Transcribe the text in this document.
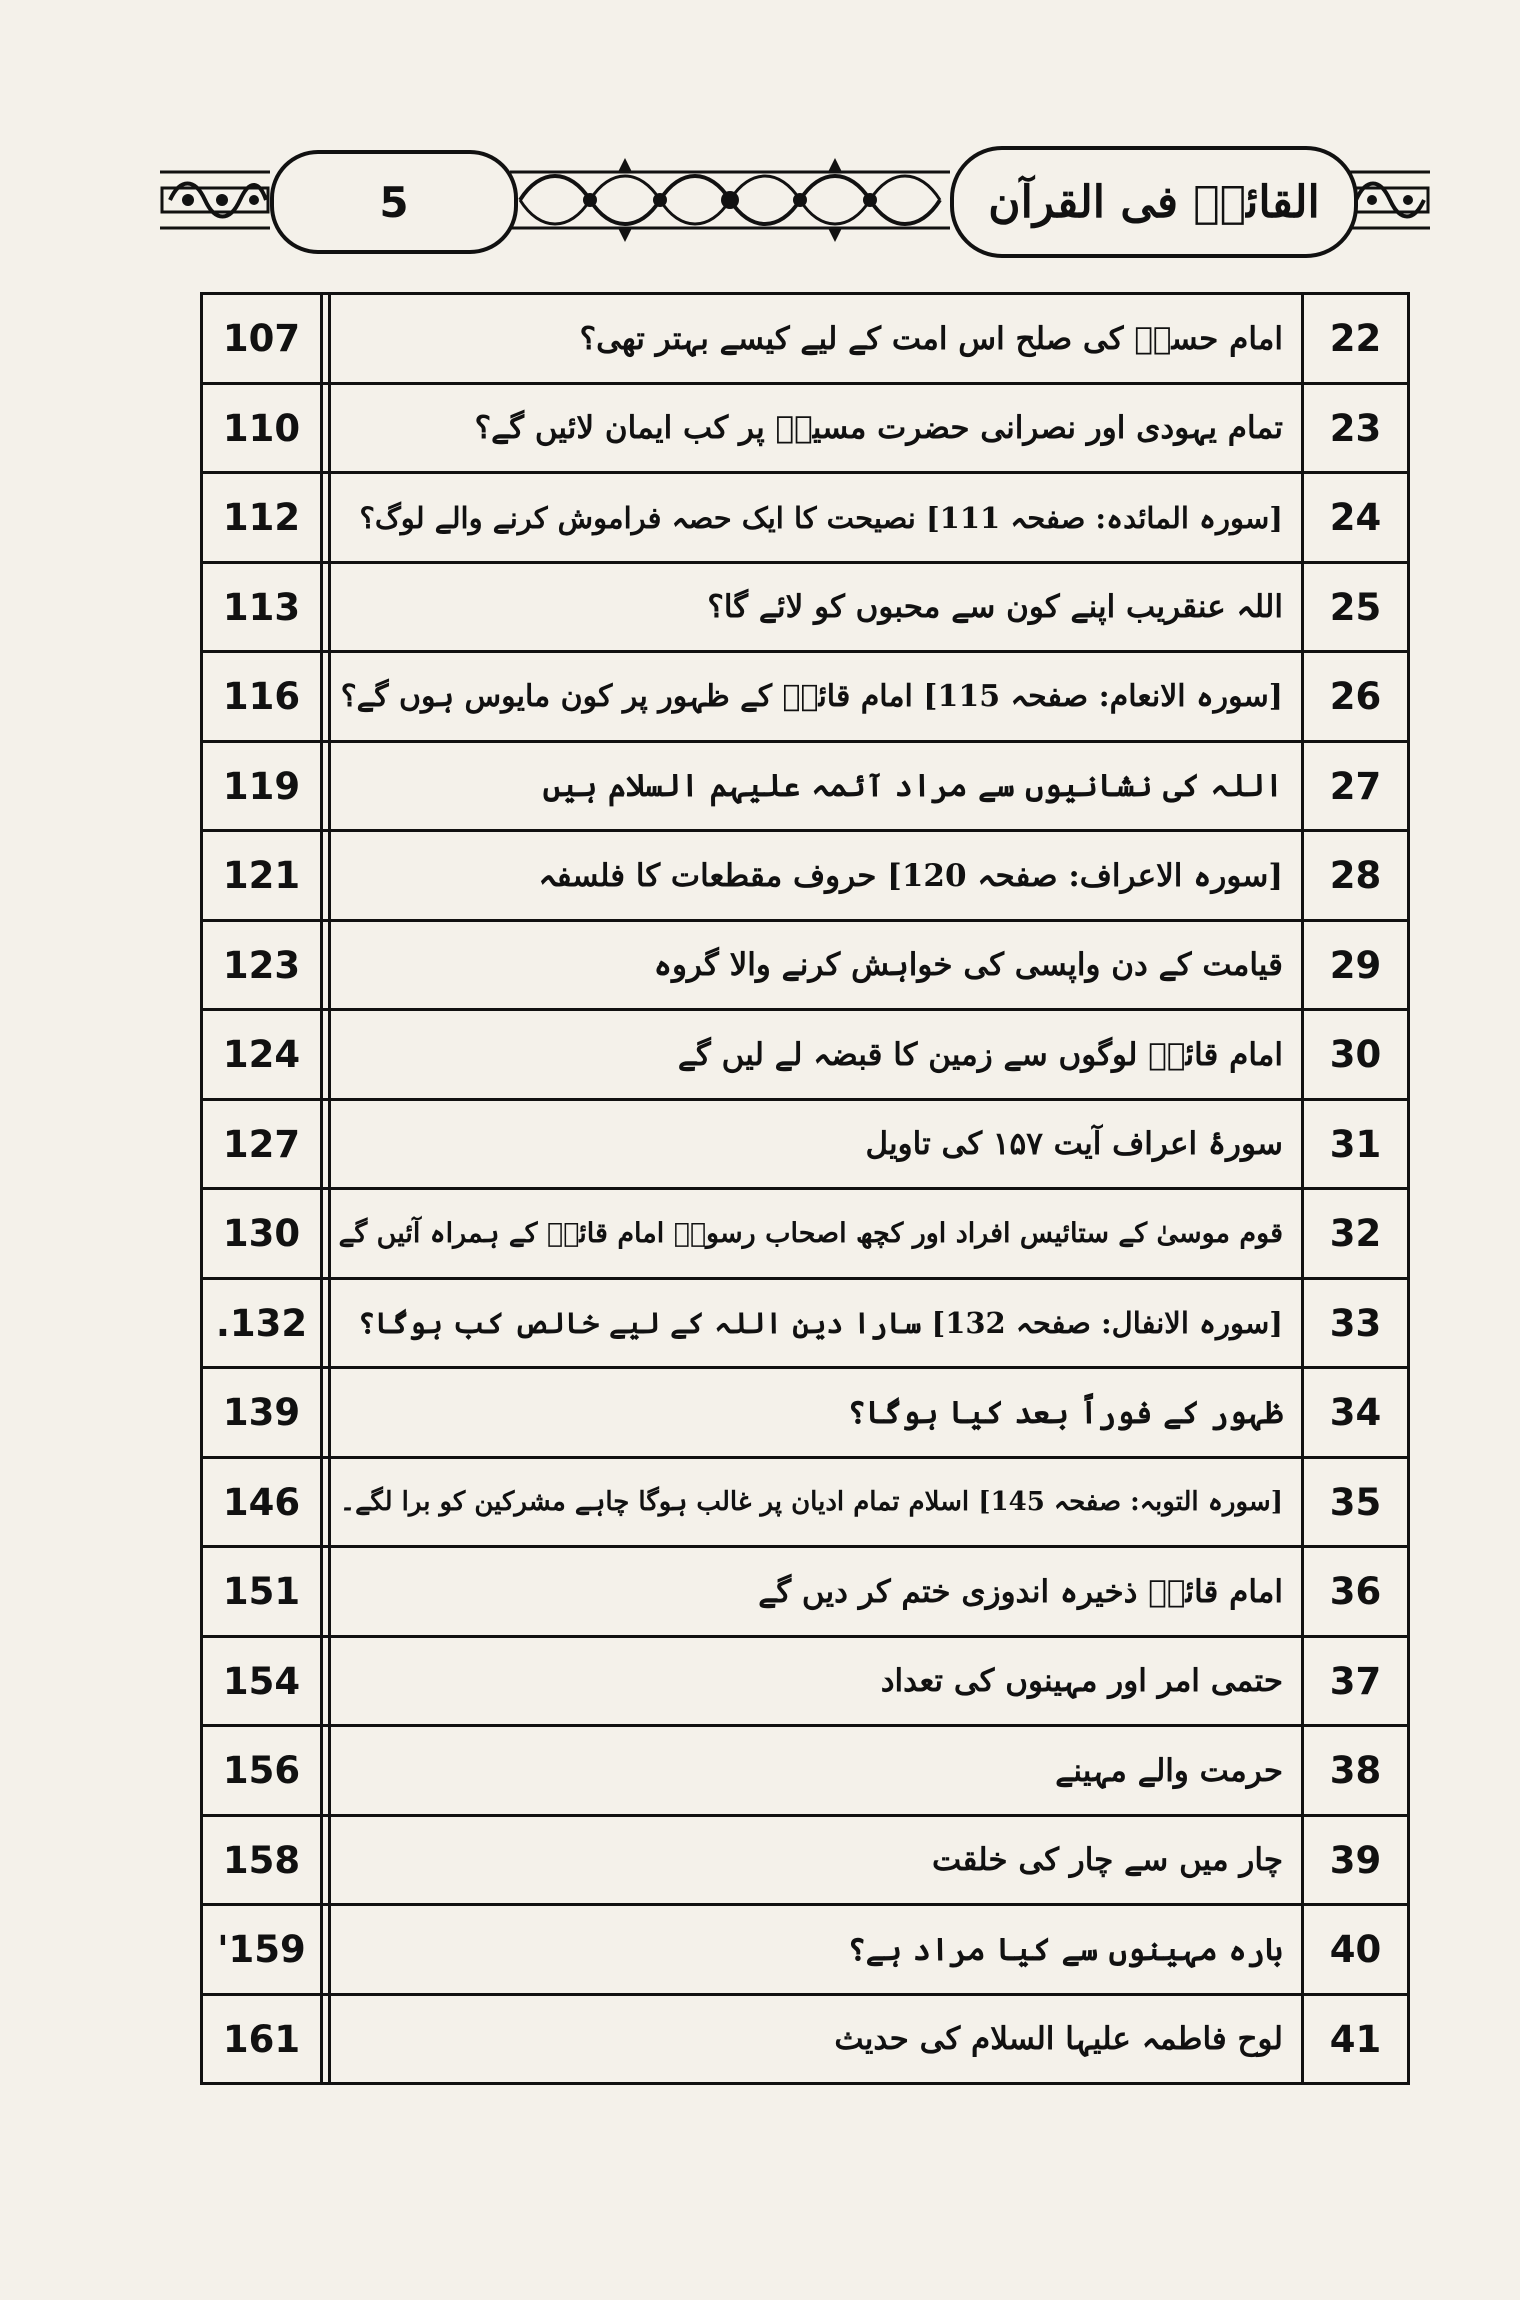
5	القائمؑ فی القرآن
107		امام حسنؑ کی صلح اس امت کے لیے کیسے بہتر تھی؟	22
110		تمام یہودی اور نصرانی حضرت مسیحؑ پر کب ایمان لائیں گے؟	23
112		[سورہ المائدہ: صفحہ 111] نصیحت کا ایک حصہ فراموش کرنے والے لوگ؟	24
113		اللہ عنقریب اپنے کون سے محبوں کو لائے گا؟	25
116		[سورہ الانعام: صفحہ 115] امام قائمؑ کے ظہور پر کون مایوس ہوں گے؟	26
119		اللہ کی نشانیوں سے مراد آئمہ علیہم السلام ہیں	27
121		[سورہ الاعراف: صفحہ 120] حروف مقطعات کا فلسفہ	28
123		قیامت کے دن واپسی کی خواہش کرنے والا گروہ	29
124		امام قائمؑ لوگوں سے زمین کا قبضہ لے لیں گے	30
127		سورۂ اعراف آیت ۱۵۷ کی تاویل	31
130		قوم موسیٰ کے ستائیس افراد اور کچھ اصحاب رسولؐ امام قائمؑ کے ہمراہ آئیں گے	32
.132		[سورہ الانفال: صفحہ 132] سارا دین اللہ کے لیے خالص کب ہوگا؟	33
139		ظہور کے فوراً بعد کیا ہوگا؟	34
146		[سورہ التوبہ: صفحہ 145] اسلام تمام ادیان پر غالب ہوگا چاہے مشرکین کو برا لگے۔	35
151		امام قائمؑ ذخیرہ اندوزی ختم کر دیں گے	36
154		حتمی امر اور مہینوں کی تعداد	37
156		حرمت والے مہینے	38
158		چار میں سے چار کی خلقت	39
'159		بارہ مہینوں سے کیا مراد ہے؟	40
161		لوح فاطمہ علیہا السلام کی حدیث	41
